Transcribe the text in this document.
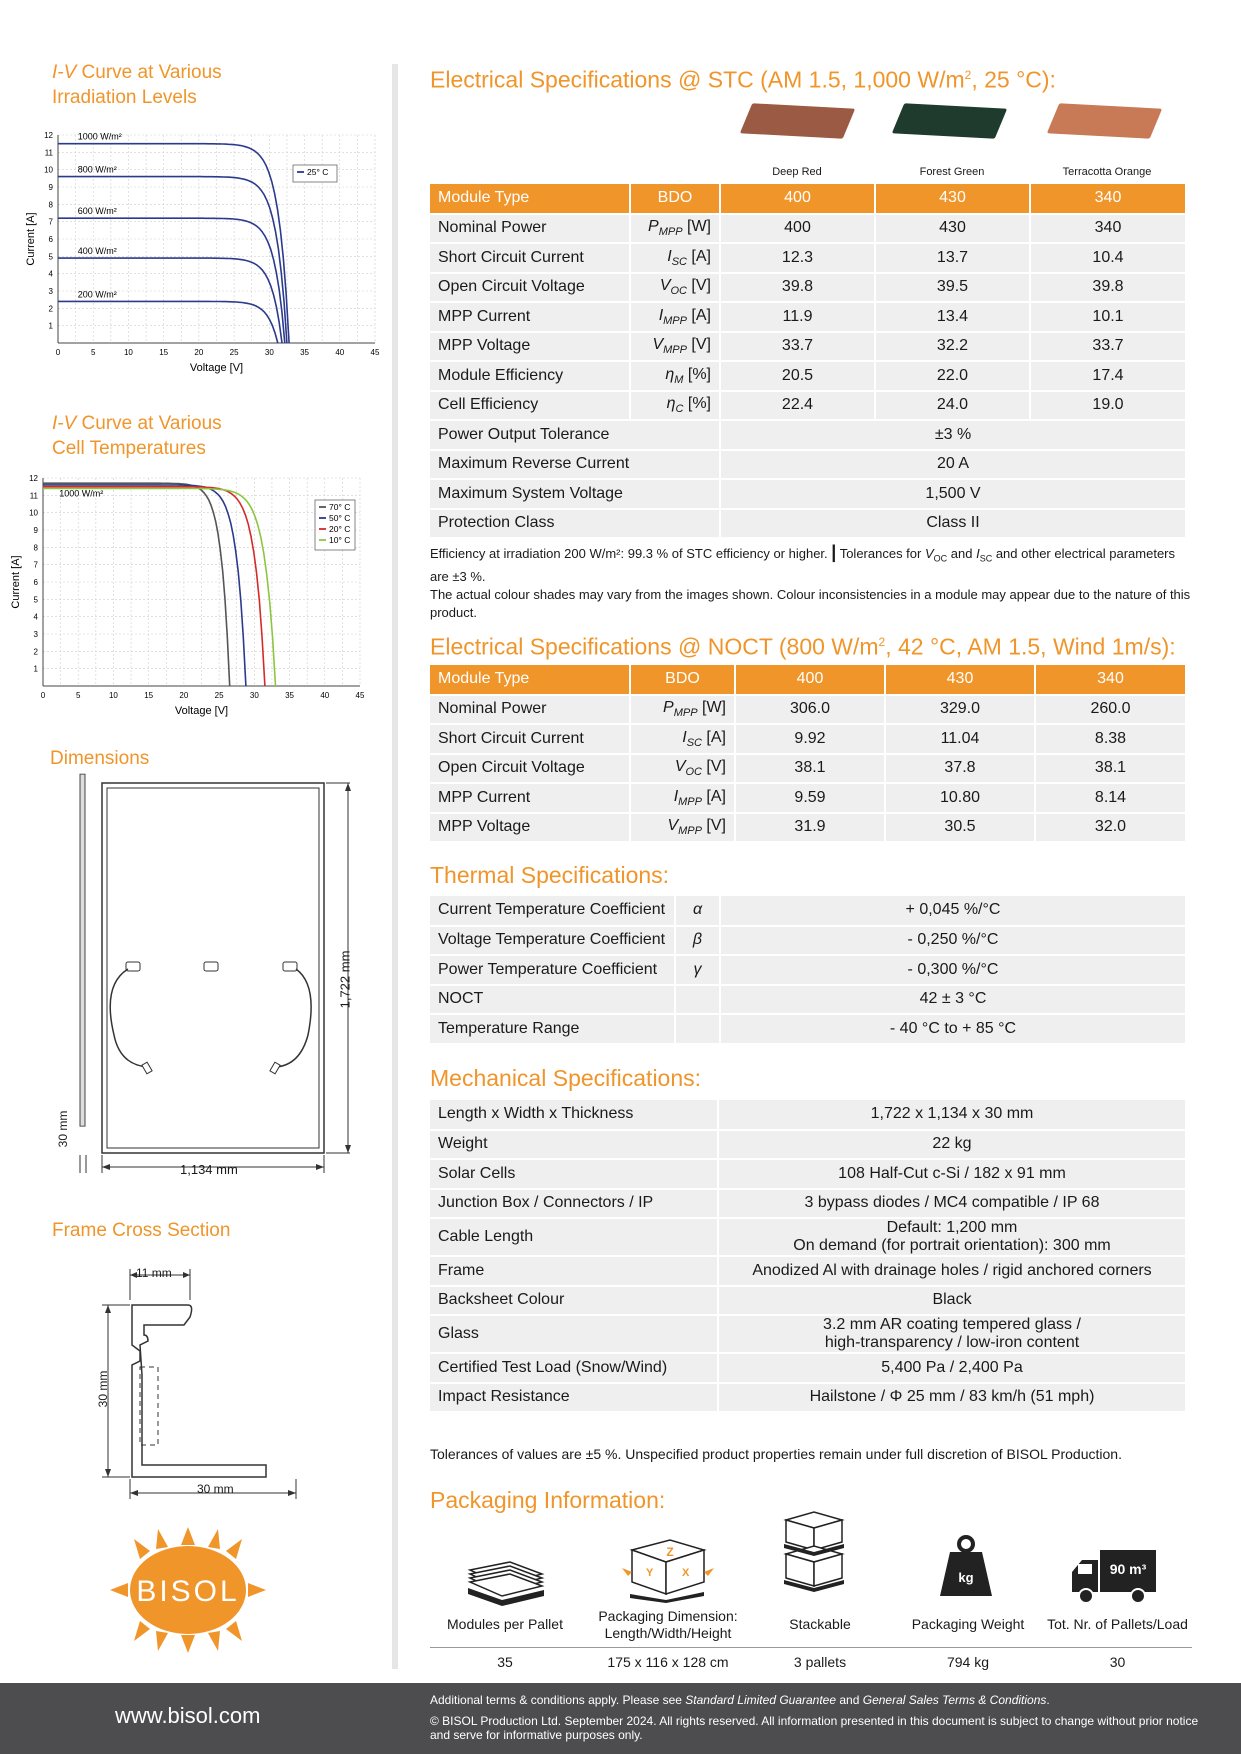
I-V Curve at Various
Irradiation Levels
0	5	10	15	20	25	30	35	40	45
1
2
3
4
5
6
7
8
9
10
11
12
Voltage [V]
Current [A]
1000 W/m²
800 W/m²
600 W/m²
400 W/m²
200 W/m²
25° C
I-V Curve at Various
Cell Temperatures
0	5	10	15	20	25	30	35	40	45
1
2
3
4
5
6
7
8
9
10
11
12
Voltage [V]
Current [A]
1000 W/m²
70° C
50° C
20° C
10° C
Dimensions
1,722 mm
1,134 mm
30 mm
Frame Cross Section
11 mm
30 mm
30 mm
BISOL
Electrical Specifications @ STC (AM 1.5, 1,000 $W/m^2$, 25 °C):
Deep Red	Forest Green	Terracotta Orange
Module Type	BDO	400	430	340
Nominal Power	$P_{MPP}$ [W]	400	430	340
Short Circuit Current	$I_{SC}$ [A]	12.3	13.7	10.4
Open Circuit Voltage	$V_{OC}$ [V]	39.8	39.5	39.8
MPP Current	$I_{MPP}$ [A]	11.9	13.4	10.1
MPP Voltage	$V_{MPP}$ [V]	33.7	32.2	33.7
Module Efficiency	$\eta_M$ [%]	20.5	22.0	17.4
Cell Efficiency	$\eta_C$ [%]	22.4	24.0	19.0
Power Output Tolerance		±3 %		
Maximum Reverse Current		20 A		
Maximum System Voltage		1,500 V		
Protection Class		Class II		
Efficiency at irradiation 200 W/m²: 99.3 % of STC efficiency or higher. | Tolerances for $V_{OC}$ and $I_{SC}$ and other electrical parameters are ±3 %.
The actual colour shades may vary from the images shown. Colour inconsistencies in a module may appear due to the nature of this product.
Electrical Specifications @ NOCT (800 $W/m^2$, 42 °C, AM 1.5, Wind 1m/s):
Module Type	BDO	400	430	340
Nominal Power	$P_{MPP}$ [W]	306.0	329.0	260.0
Short Circuit Current	$I_{SC}$ [A]	9.92	11.04	8.38
Open Circuit Voltage	$V_{OC}$ [V]	38.1	37.8	38.1
MPP Current	$I_{MPP}$ [A]	9.59	10.80	8.14
MPP Voltage	$V_{MPP}$ [V]	31.9	30.5	32.0
Thermal Specifications:
Current Temperature Coefficient	α	+ 0,045 %/°C
Voltage Temperature Coefficient	β	- 0,250 %/°C
Power Temperature Coefficient	γ	- 0,300 %/°C
NOCT		42 ± 3 °C
Temperature Range		- 40 °C to + 85 °C
Mechanical Specifications:
Length x Width x Thickness	1,722 x 1,134 x 30 mm

Weight	22 kg

Solar Cells	108 Half-Cut c-Si / 182 x 91 mm

Junction Box / Connectors / IP	3 bypass diodes / MC4 compatible / IP 68

Cable Length	Default: 1,200 mm
On demand (for portrait orientation): 300 mm

Frame	Anodized Al with drainage holes / rigid anchored corners

Backsheet Colour	Black

Glass	3.2 mm AR coating tempered glass /
high-transparency / low-iron content

Certified Test Load (Snow/Wind)	5,400 Pa / 2,400 Pa

Impact Resistance	Hailstone / Φ 25 mm / 83 km/h (51 mph)
Tolerances of values are ±5 %. Unspecified product properties remain under full discretion of BISOL Production.
Packaging Information:
Z
Y	X	kg
90 m³
Modules per Pallet	Packaging Dimension:
Length/Width/Height
Stackable	Packaging Weight	Tot. Nr. of Pallets/Load
35	175 x 116 x 128 cm	3 pallets	794 kg	30
www.bisol.com
Additional terms & conditions apply. Please see Standard Limited Guarantee and General Sales Terms & Conditions.
© BISOL Production Ltd. September 2024. All rights reserved. All information presented in this document is subject to change without prior notice and serve for informative purposes only.
